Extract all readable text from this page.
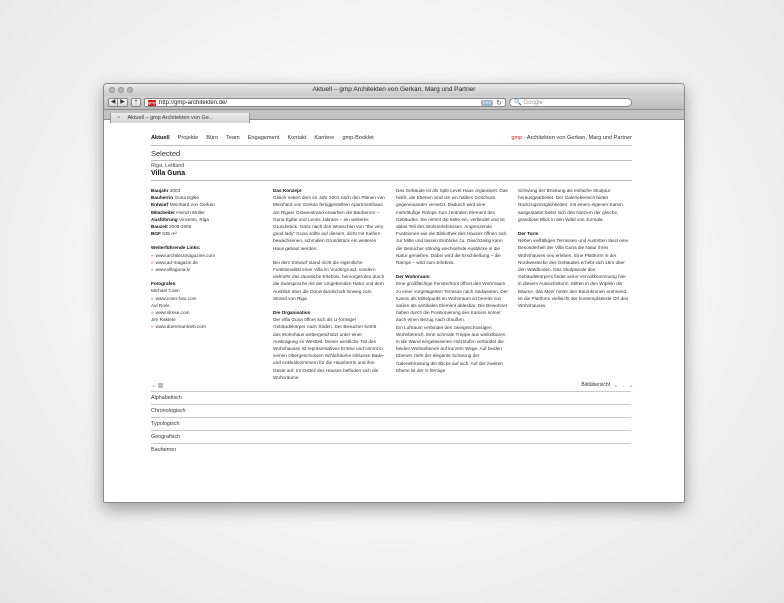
Aktuell – gmp Architekten von Gerkan, Marg und Partner
◀ ▶	+	gmp http://gmp-architekten.de/	RSS ↻ 🔍 Google
× Aktuell – gmp Architekten von Ge...
Aktuell Projekte Büro Team Engagement Kontakt Karriere gmp-Booklet	gmp - Architekten von Gerkan, Marg und Partner
Selected
Riga, Lettland
Villa Guna
Baujahr 2003
Bauherrin Guna Eglite
Entwurf Meinhard von Gerkan
Mitarbeiter Hinrich Müller
Ausführung Vincents, Riga
Bauzeit 2005-2006
BGF 635 m²
Weiterführende Links:
» www.architectmagazine.com
» www.ad-magazin.de
» www.villaguna.lv
Fotografen
Michael Coen
» www.coen-foto.com
Axl Rose
» www.xlrose.com
Jim Raktete
» www.duerenantrieb.com
Das Konzept
Gleich neben dem im Jahr 2001 nach den Plänen von Meinhard von Gerkan fertiggestellten Apartmenthaus am Rigaer Ostseestrand erwarben die Bauherren – Guna Eglite und Leons Jakrans – ein weiteres Grundstück. Ganz nach den Wünschen von "the very good lady" Guna sollte auf diesem, dicht mit Kiefern bewachsenen, schmalen Grundstück ein weiteres Haus gebaut werden.
Bei dem Entwurf stand nicht die eigentliche Funktionalität einer Villa im Vordergrund, sondern vielmehr das räumliche Erlebnis, hervorgerufen durch die Zwiesprache mit der umgebenden Natur und dem Ausblick über die Dünenlandschaft hinweg zum Strand von Riga.
Die Organisation
Die Villa Guna öffnet sich als U-förmiger Gebäudekörper nach Süden. Der Besucher betritt das Wohnhaus wettergeschützt unter einer Auskragung im Westteil. Dieser westliche Teil des Wohnhauses ist repräsentatives Entree und nimmt in seinen Obergeschossen Schlafräume inklusive Bade- und Ankleidezimmern für die Hausherrin und ihre Gäste auf. Im Ostteil des Hauses befinden sich die Wohnräume.
Das Gebäude ist als Split-Level Haus organisiert. Das heißt, die Ebenen sind um ein halbes Geschoss gegeneinander versetzt. Dadurch wird eine mehrläufige Rampe zum zentralen Element des Gebäudes. Sie nimmt die Mitte ein, verbindet und ist dabei Teil des Wohnerlebnisses. Angrenzende Funktionen wie die Bibliothek des Hauses öffnen sich zur Mitte und lassen Einblicke zu. Gleichzeitig kann der Besucher ständig wechselnde Ausblicke in die Natur genießen. Dabei wird die Erschließung – die Rampe – wird zum Erlebnis.
Der Wohnraum
Eine großflächige Fensterfront öffnet den Wohnraum zu einer vorgelagerten Terrasse nach Südwesten. Der Kamin als Mittelpunkt im Wohnraum ist bereits von außen als vertikales Element ablesbar. Die Bewohner haben durch die Positionierung des Kamins immer auch einen Bezug nach draußen.
Ein Luftraum verbindet den zweigeschossigen Wohnbereich. Eine schmale Treppe aus winkelbaren, in die Wand eingelassenen Holzstufen verbindet die beiden Wohnebenen auf kurzem Wege. Auf beiden Ebenen zieht der elegante Schwung der Galeriebrüstung die Blicke auf sich. Auf der zweiten Ebene ist der S-förmige
Schwung der Brüstung als einfache Skulptur herausgearbeitet. Der Galeriebereich bietet Rückzugsmöglichkeiten; mit einem eigenen Kamin ausgestattet bietet sich den Nutzern der gleiche, grandiose Blick in den Wald von Jurmala.
Der Turm
Neben vielfältigen Terrassen und Austritten lässt eine Besonderheit der Villa Guna die Natur ihres Wohnhauses neu erleben. Eine Plattform in der Nordwestecke des Gebäudes erhebt sich 15m über den Waldboden. Das Skulpturale des Gebäudekörpers findet seine Vervollkommnung hier in diesem Aussichtsturm. Mitten in den Wipfeln der Bäume, das Meer hinter den Baumkronen erahnend, ist die Plattform vielleicht der kontemplativste Ort des Wohnhauses.
◂	Bildübersicht	◂	◦	▸
Alphabetisch
Chronologisch
Typologisch
Geografisch
Bauherren
